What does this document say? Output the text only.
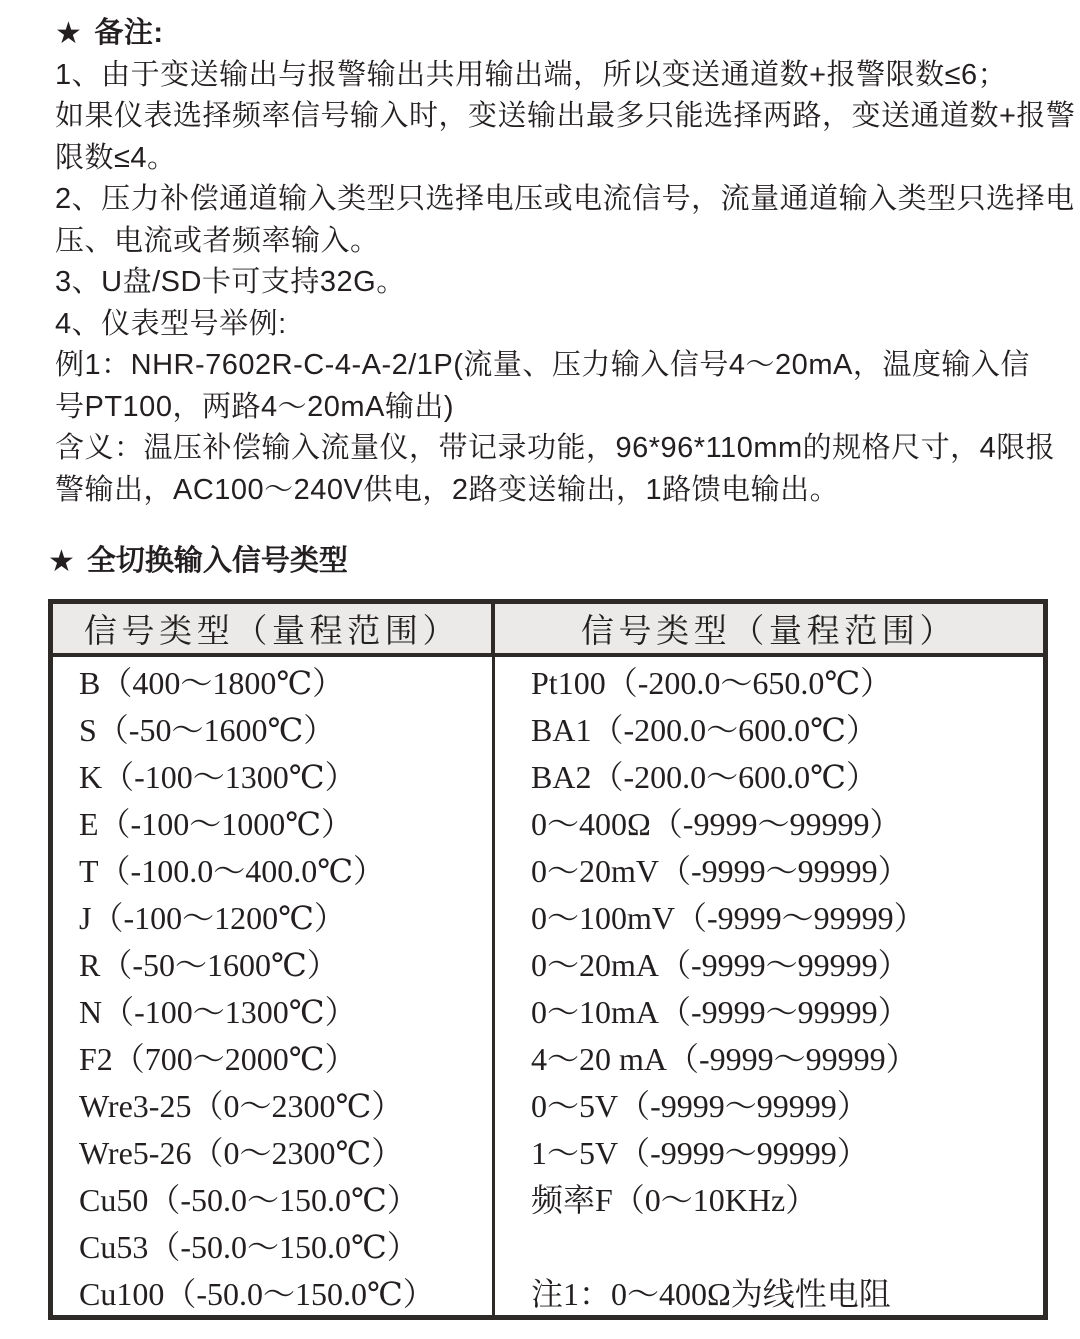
★ 备注:
1、由于变送输出与报警输出共用输出端，所以变送通道数+报警限数≤6；
如果仪表选择频率信号输入时，变送输出最多只能选择两路，变送通道数+报警
限数≤4。
2、压力补偿通道输入类型只选择电压或电流信号，流量通道输入类型只选择电
压、电流或者频率输入。
3、U盘/SD卡可支持32G。
4、仪表型号举例:
例1：NHR-7602R-C-4-A-2/1P(流量、压力输入信号4～20mA，温度输入信
号PT100，两路4～20mA输出)
含义：温压补偿输入流量仪，带记录功能，96*96*110mm的规格尺寸，4限报
警输出，AC100～240V供电，2路变送输出，1路馈电输出。
★ 全切换输入信号类型
信号类型（量程范围）	信号类型（量程范围）
B（400～1800℃）	Pt100（-200.0～650.0℃）
S（-50～1600℃）	BA1（-200.0～600.0℃）
K（-100～1300℃）	BA2（-200.0～600.0℃）
E（-100～1000℃）	0～400Ω（-9999～99999）
T（-100.0～400.0℃）	0～20mV（-9999～99999）
J（-100～1200℃）	0～100mV（-9999～99999）
R（-50～1600℃）	0～20mA（-9999～99999）
N（-100～1300℃）	0～10mA（-9999～99999）
F2（700～2000℃）	4～20 mA（-9999～99999）
Wre3-25（0～2300℃）	0～5V（-9999～99999）
Wre5-26（0～2300℃）	1～5V（-9999～99999）
Cu50（-50.0～150.0℃）	频率F（0～10KHz）
Cu53（-50.0～150.0℃）
Cu100（-50.0～150.0℃）	注1：0～400Ω为线性电阻
